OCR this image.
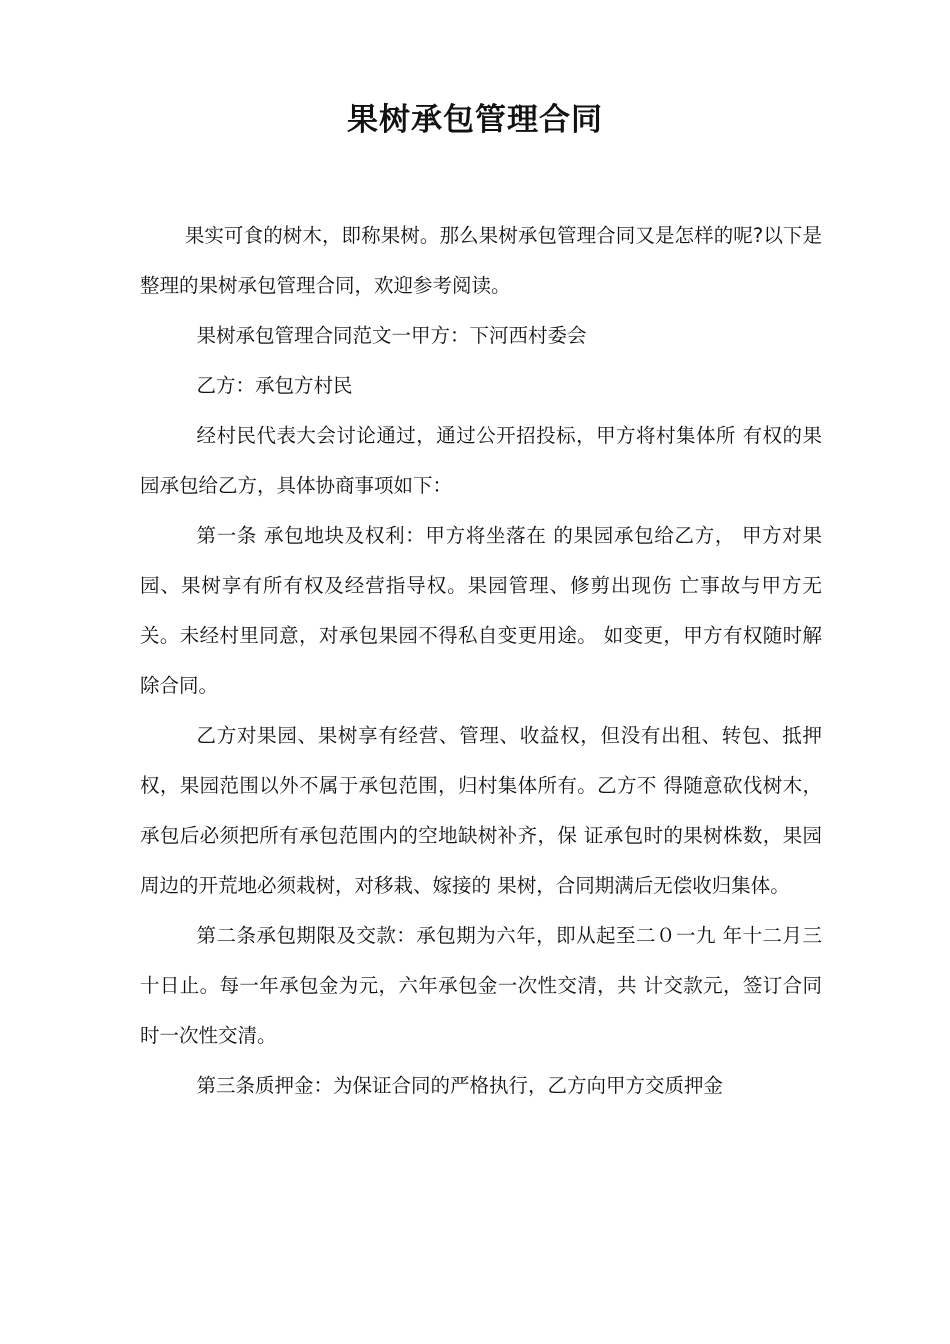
果树承包管理合同

果实可食的树木，即称果树。那么果树承包管理合同又是怎样的呢?以下是 整理的果树承包管理合同，欢迎参考阅读。

果树承包管理合同范文一甲方：下河西村委会

乙方：承包方村民

经村民代表大会讨论通过，通过公开招投标，甲方将村集体所 有权的果园承包给乙方，具体协商事项如下：

第一条 承包地块及权利：甲方将坐落在 的果园承包给乙方， 甲方对果园、果树享有所有权及经营指导权。果园管理、修剪出现伤 亡事故与甲方无关。未经村里同意，对承包果园不得私自变更用途。 如变更，甲方有权随时解除合同。

乙方对果园、果树享有经营、管理、收益权，但没有出租、转包、抵押权，果园范围以外不属于承包范围，归村集体所有。乙方不 得随意砍伐树木，承包后必须把所有承包范围内的空地缺树补齐，保 证承包时的果树株数，果园周边的开荒地必须栽树，对移栽、嫁接的 果树，合同期满后无偿收归集体。

第二条承包期限及交款：承包期为六年，即从起至二０一九 年十二月三十日止。每一年承包金为元，六年承包金一次性交清，共 计交款元，签订合同时一次性交清。

第三条质押金：为保证合同的严格执行，乙方向甲方交质押金
